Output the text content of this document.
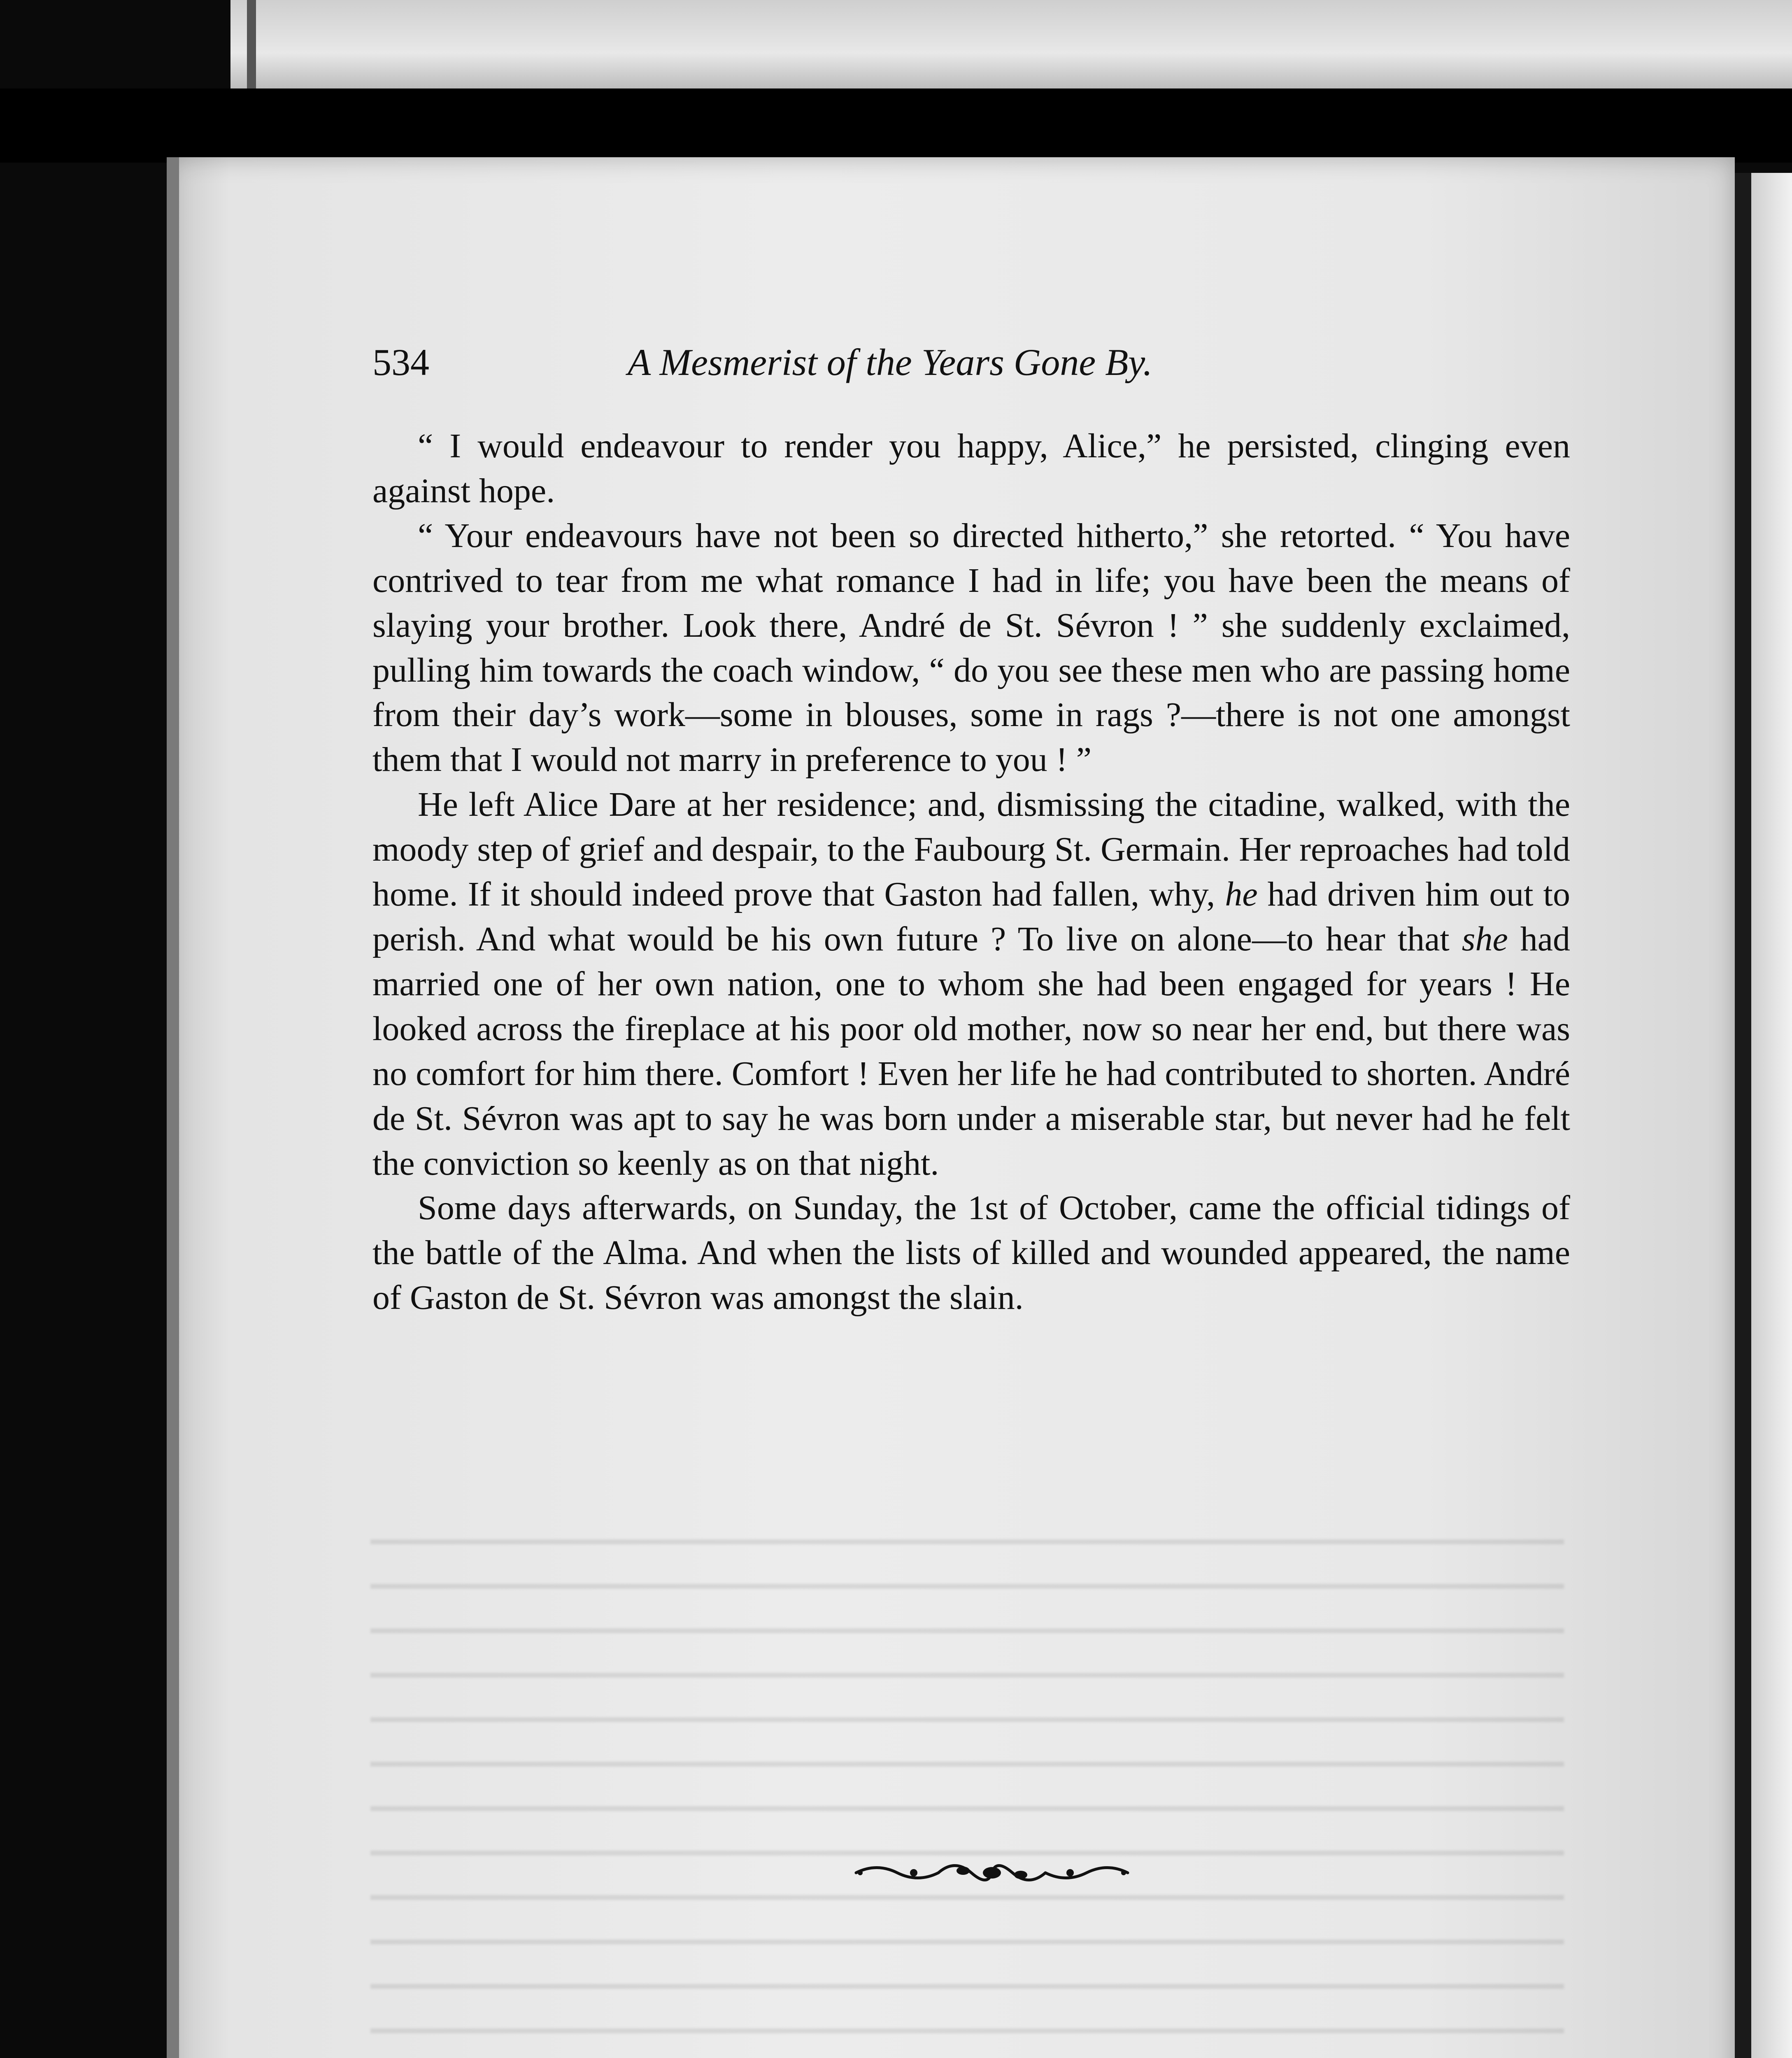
534	A Mesmerist of the Years Gone By.

“ I would endeavour to render you happy, Alice,” he persisted, clinging even against hope.

“ Your endeavours have not been so directed hitherto,” she retorted. “ You have contrived to tear from me what romance I had in life; you have been the means of slaying your brother. Look there, André de St. Sévron ! ” she suddenly exclaimed, pulling him towards the coach window, “ do you see these men who are passing home from their day’s work—some in blouses, some in rags ?—there is not one amongst them that I would not marry in preference to you ! ”

He left Alice Dare at her residence; and, dismissing the citadine, walked, with the moody step of grief and despair, to the Faubourg St. Germain. Her reproaches had told home. If it should indeed prove that Gaston had fallen, why, he had driven him out to perish. And what would be his own future ? To live on alone—to hear that she had married one of her own nation, one to whom she had been engaged for years ! He looked across the fireplace at his poor old mother, now so near her end, but there was no comfort for him there. Comfort ! Even her life he had contributed to shorten. André de St. Sévron was apt to say he was born under a miserable star, but never had he felt the conviction so keenly as on that night.

Some days afterwards, on Sunday, the 1st of October, came the official tidings of the battle of the Alma. And when the lists of killed and wounded appeared, the name of Gaston de St. Sévron was amongst the slain.
